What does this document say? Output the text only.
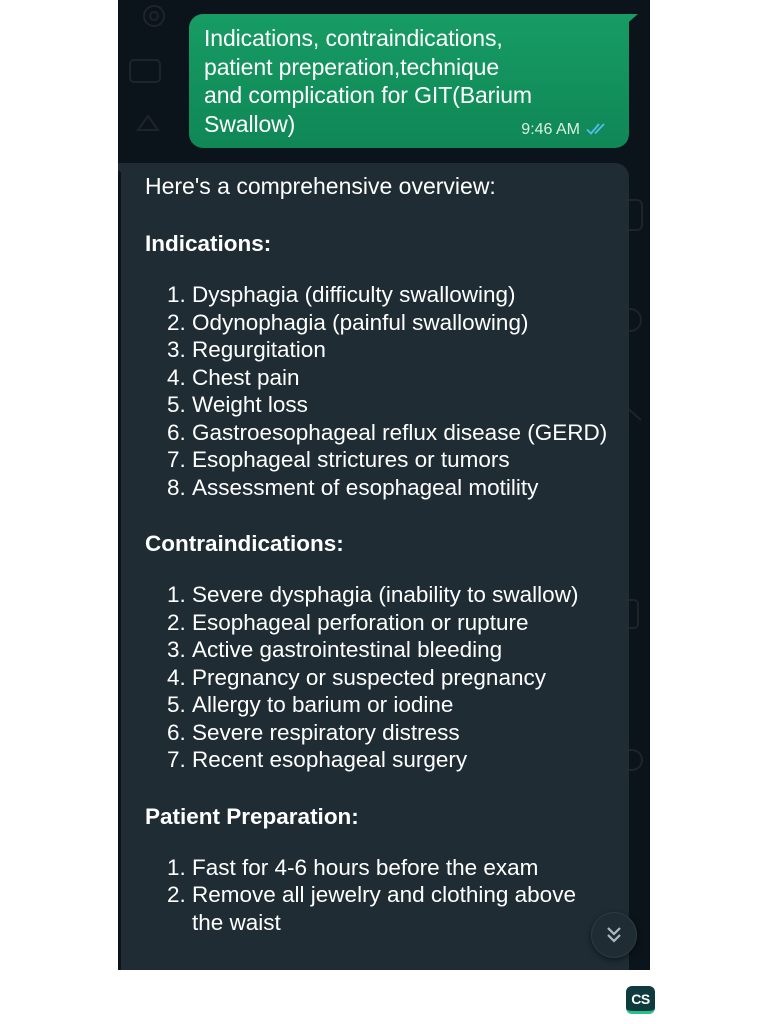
Indications, contraindications,
patient preperation,technique
and complication for GIT(Barium
Swallow)	9:46 AM

Here's a comprehensive overview:

Indications:
1. Dysphagia (difficulty swallowing)
2. Odynophagia (painful swallowing)
3. Regurgitation
4. Chest pain
5. Weight loss
6. Gastroesophageal reflux disease (GERD)
7. Esophageal strictures or tumors
8. Assessment of esophageal motility
Contraindications:
1. Severe dysphagia (inability to swallow)
2. Esophageal perforation or rupture
3. Active gastrointestinal bleeding
4. Pregnancy or suspected pregnancy
5. Allergy to barium or iodine
6. Severe respiratory distress
7. Recent esophageal surgery
Patient Preparation:
1. Fast for 4-6 hours before the exam
2. Remove all jewelry and clothing above the waist
CS
